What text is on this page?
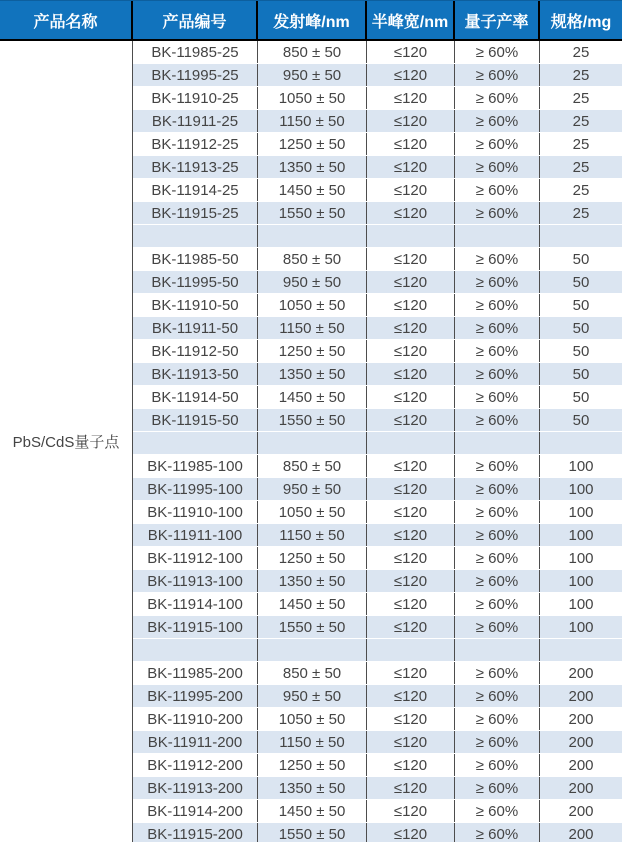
产品名称	产品编号	发射峰/nm	半峰宽/nm	量子产率	规格/mg
PbS/CdS量子点
BK-11985-25	850 ± 50	≤120	≥ 60%	25
BK-11995-25	950 ± 50	≤120	≥ 60%	25
BK-11910-25	1050 ± 50	≤120	≥ 60%	25
BK-11911-25	1150 ± 50	≤120	≥ 60%	25
BK-11912-25	1250 ± 50	≤120	≥ 60%	25
BK-11913-25	1350 ± 50	≤120	≥ 60%	25
BK-11914-25	1450 ± 50	≤120	≥ 60%	25
BK-11915-25	1550 ± 50	≤120	≥ 60%	25
BK-11985-50	850 ± 50	≤120	≥ 60%	50
BK-11995-50	950 ± 50	≤120	≥ 60%	50
BK-11910-50	1050 ± 50	≤120	≥ 60%	50
BK-11911-50	1150 ± 50	≤120	≥ 60%	50
BK-11912-50	1250 ± 50	≤120	≥ 60%	50
BK-11913-50	1350 ± 50	≤120	≥ 60%	50
BK-11914-50	1450 ± 50	≤120	≥ 60%	50
BK-11915-50	1550 ± 50	≤120	≥ 60%	50
BK-11985-100	850 ± 50	≤120	≥ 60%	100
BK-11995-100	950 ± 50	≤120	≥ 60%	100
BK-11910-100	1050 ± 50	≤120	≥ 60%	100
BK-11911-100	1150 ± 50	≤120	≥ 60%	100
BK-11912-100	1250 ± 50	≤120	≥ 60%	100
BK-11913-100	1350 ± 50	≤120	≥ 60%	100
BK-11914-100	1450 ± 50	≤120	≥ 60%	100
BK-11915-100	1550 ± 50	≤120	≥ 60%	100
BK-11985-200	850 ± 50	≤120	≥ 60%	200
BK-11995-200	950 ± 50	≤120	≥ 60%	200
BK-11910-200	1050 ± 50	≤120	≥ 60%	200
BK-11911-200	1150 ± 50	≤120	≥ 60%	200
BK-11912-200	1250 ± 50	≤120	≥ 60%	200
BK-11913-200	1350 ± 50	≤120	≥ 60%	200
BK-11914-200	1450 ± 50	≤120	≥ 60%	200
BK-11915-200	1550 ± 50	≤120	≥ 60%	200
